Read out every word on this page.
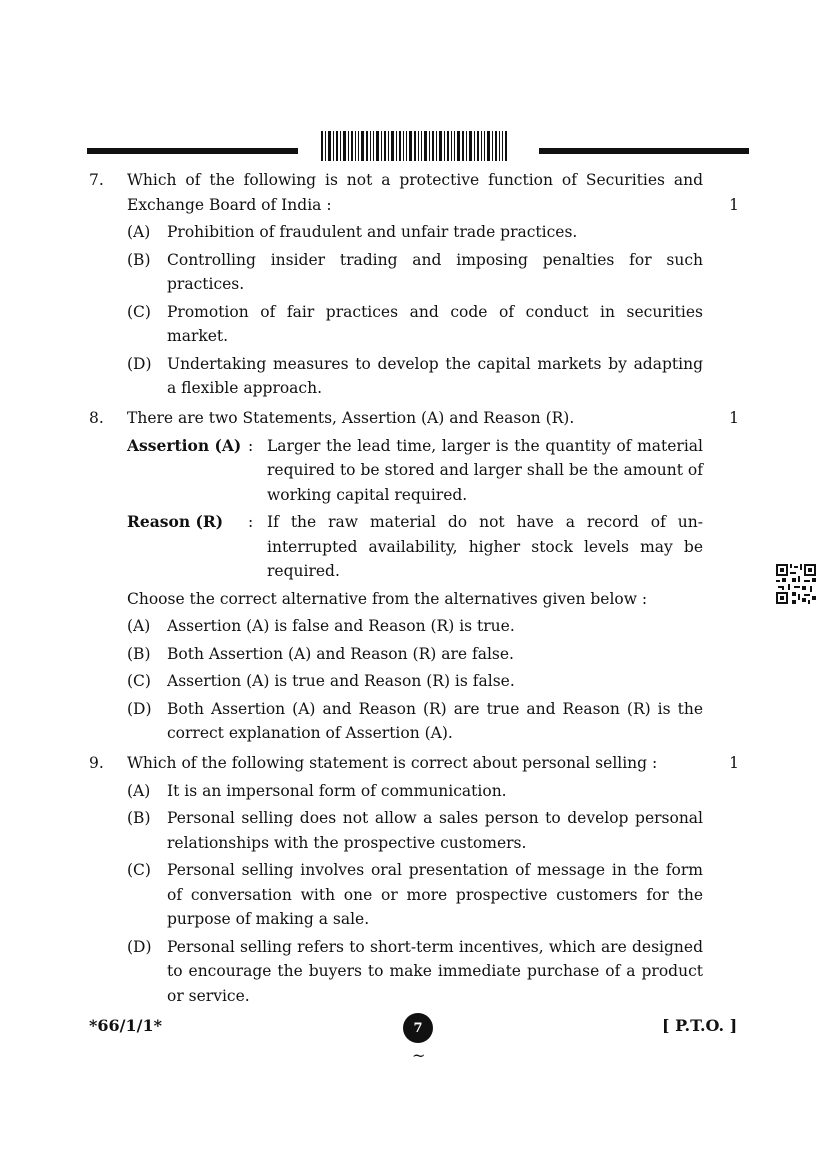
7. Which of the following is not a protective function of Securities and Exchange Board of India :	1
(A) Prohibition of fraudulent and unfair trade practices.
(B) Controlling insider trading and imposing penalties for such practices.
(C) Promotion of fair practices and code of conduct in securities market.
(D) Undertaking measures to develop the capital markets by adapting a flexible approach.
8. There are two Statements, Assertion (A) and Reason (R).	1
Assertion (A) : Larger the lead time, larger is the quantity of material required to be stored and larger shall be the amount of working capital required.
Reason (R) : If the raw material do not have a record of un-interrupted availability, higher stock levels may be required.
Choose the correct alternative from the alternatives given below :
(A) Assertion (A) is false and Reason (R) is true.
(B) Both Assertion (A) and Reason (R) are false.
(C) Assertion (A) is true and Reason (R) is false.
(D) Both Assertion (A) and Reason (R) are true and Reason (R) is the correct explanation of Assertion (A).
9. Which of the following statement is correct about personal selling :	1
(A) It is an impersonal form of communication.
(B) Personal selling does not allow a sales person to develop personal relationships with the prospective customers.
(C) Personal selling involves oral presentation of message in the form of conversation with one or more prospective customers for the purpose of making a sale.
(D) Personal selling refers to short-term incentives, which are designed to encourage the buyers to make immediate purchase of a product or service.
*66/1/1*	7	[ P.T.O. ]
~
